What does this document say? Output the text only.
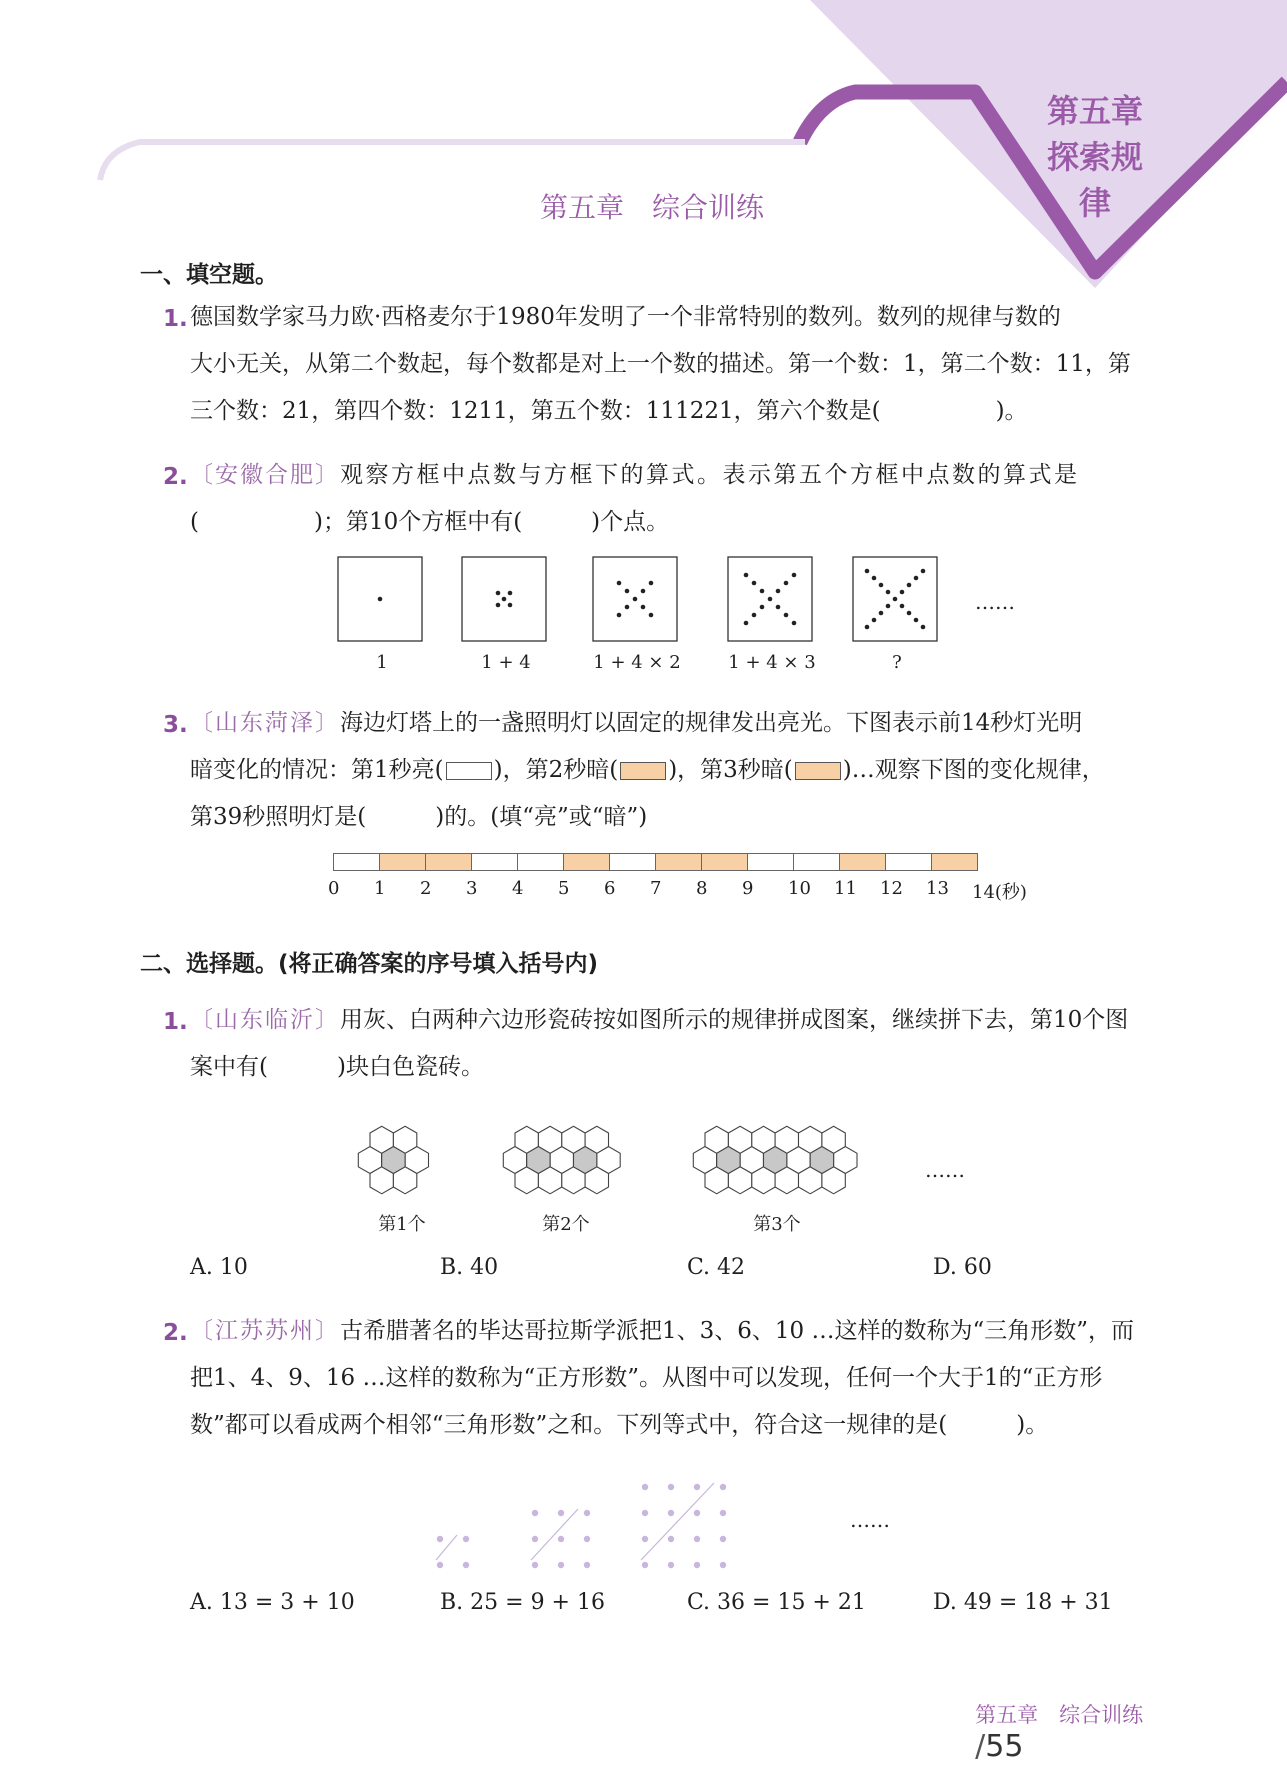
第五章
探索规律
第五章　综合训练
一、填空题。
1. 德国数学家马力欧·西格麦尔于1980年发明了一个非常特别的数列。数列的规律与数的
大小无关，从第二个数起，每个数都是对上一个数的描述。第一个数：1，第二个数：11，第
三个数：21，第四个数：1211，第五个数：111221，第六个数是(　　　　　)。
2. 〔安徽合肥〕观察方框中点数与方框下的算式。表示第五个方框中点数的算式是
(　　　　　)；第10个方框中有(　　　)个点。
……
1	1 + 4	1 + 4 × 2	1 + 4 × 3	?
3. 〔山东菏泽〕海边灯塔上的一盏照明灯以固定的规律发出亮光。下图表示前14秒灯光明
暗变化的情况：第1秒亮( )，第2秒暗( )，第3秒暗( )…观察下图的变化规律，
第39秒照明灯是(　　　)的。(填“亮”或“暗”)
0 1 2 3 4 5 6 7 8 9 10 11 12 13 14(秒)
二、选择题。(将正确答案的序号填入括号内)
1. 〔山东临沂〕用灰、白两种六边形瓷砖按如图所示的规律拼成图案，继续拼下去，第10个图
案中有(　　　)块白色瓷砖。
……
第1个	第2个	第3个
A. 10	B. 40	C. 42	D. 60
2. 〔江苏苏州〕古希腊著名的毕达哥拉斯学派把1、3、6、10 …这样的数称为“三角形数”，而
把1、4、9、16 …这样的数称为“正方形数”。从图中可以发现，任何一个大于1的“正方形
数”都可以看成两个相邻“三角形数”之和。下列等式中，符合这一规律的是(　　　)。
……
A. 13 = 3 + 10	B. 25 = 9 + 16	C. 36 = 15 + 21	D. 49 = 18 + 31

第五章　综合训练
/55
